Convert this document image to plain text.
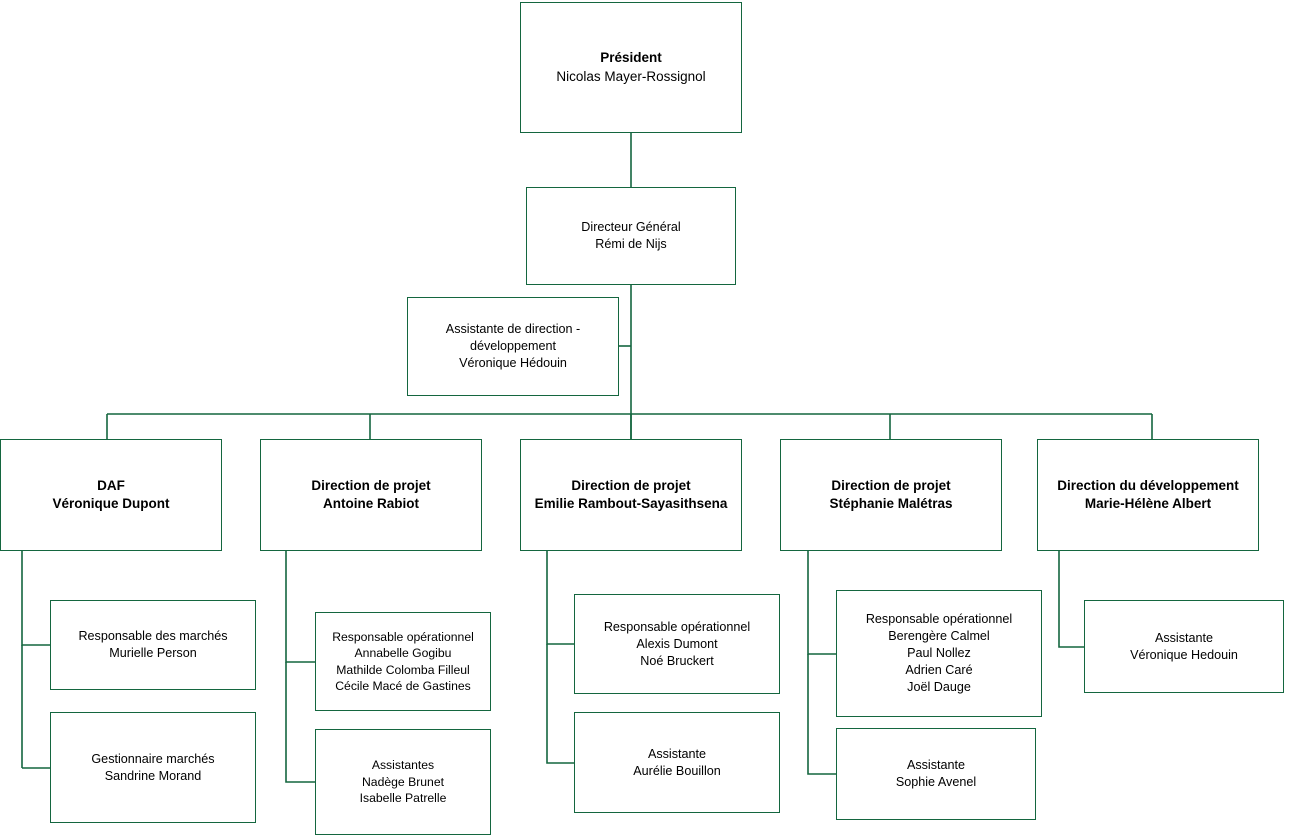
Président
Nicolas Mayer-Rossignol
Directeur Général
Rémi de Nijs
Assistante de direction - développement
Véronique Hédouin
DAF
Véronique Dupont
Direction de projet
Antoine Rabiot
Direction de projet
Emilie Rambout-Sayasithsena
Direction de projet
Stéphanie Malétras
Direction du développement
Marie-Hélène Albert
Responsable des marchés
Murielle Person
Gestionnaire marchés
Sandrine Morand
Responsable opérationnel
Annabelle Gogibu
Mathilde Colomba Filleul
Cécile Macé de Gastines
Assistantes
Nadège Brunet
Isabelle Patrelle
Responsable opérationnel
Alexis Dumont
Noé Bruckert
Assistante
Aurélie Bouillon
Responsable opérationnel
Berengère Calmel
Paul Nollez
Adrien Caré
Joël Dauge
Assistante
Sophie Avenel
Assistante
Véronique Hedouin
